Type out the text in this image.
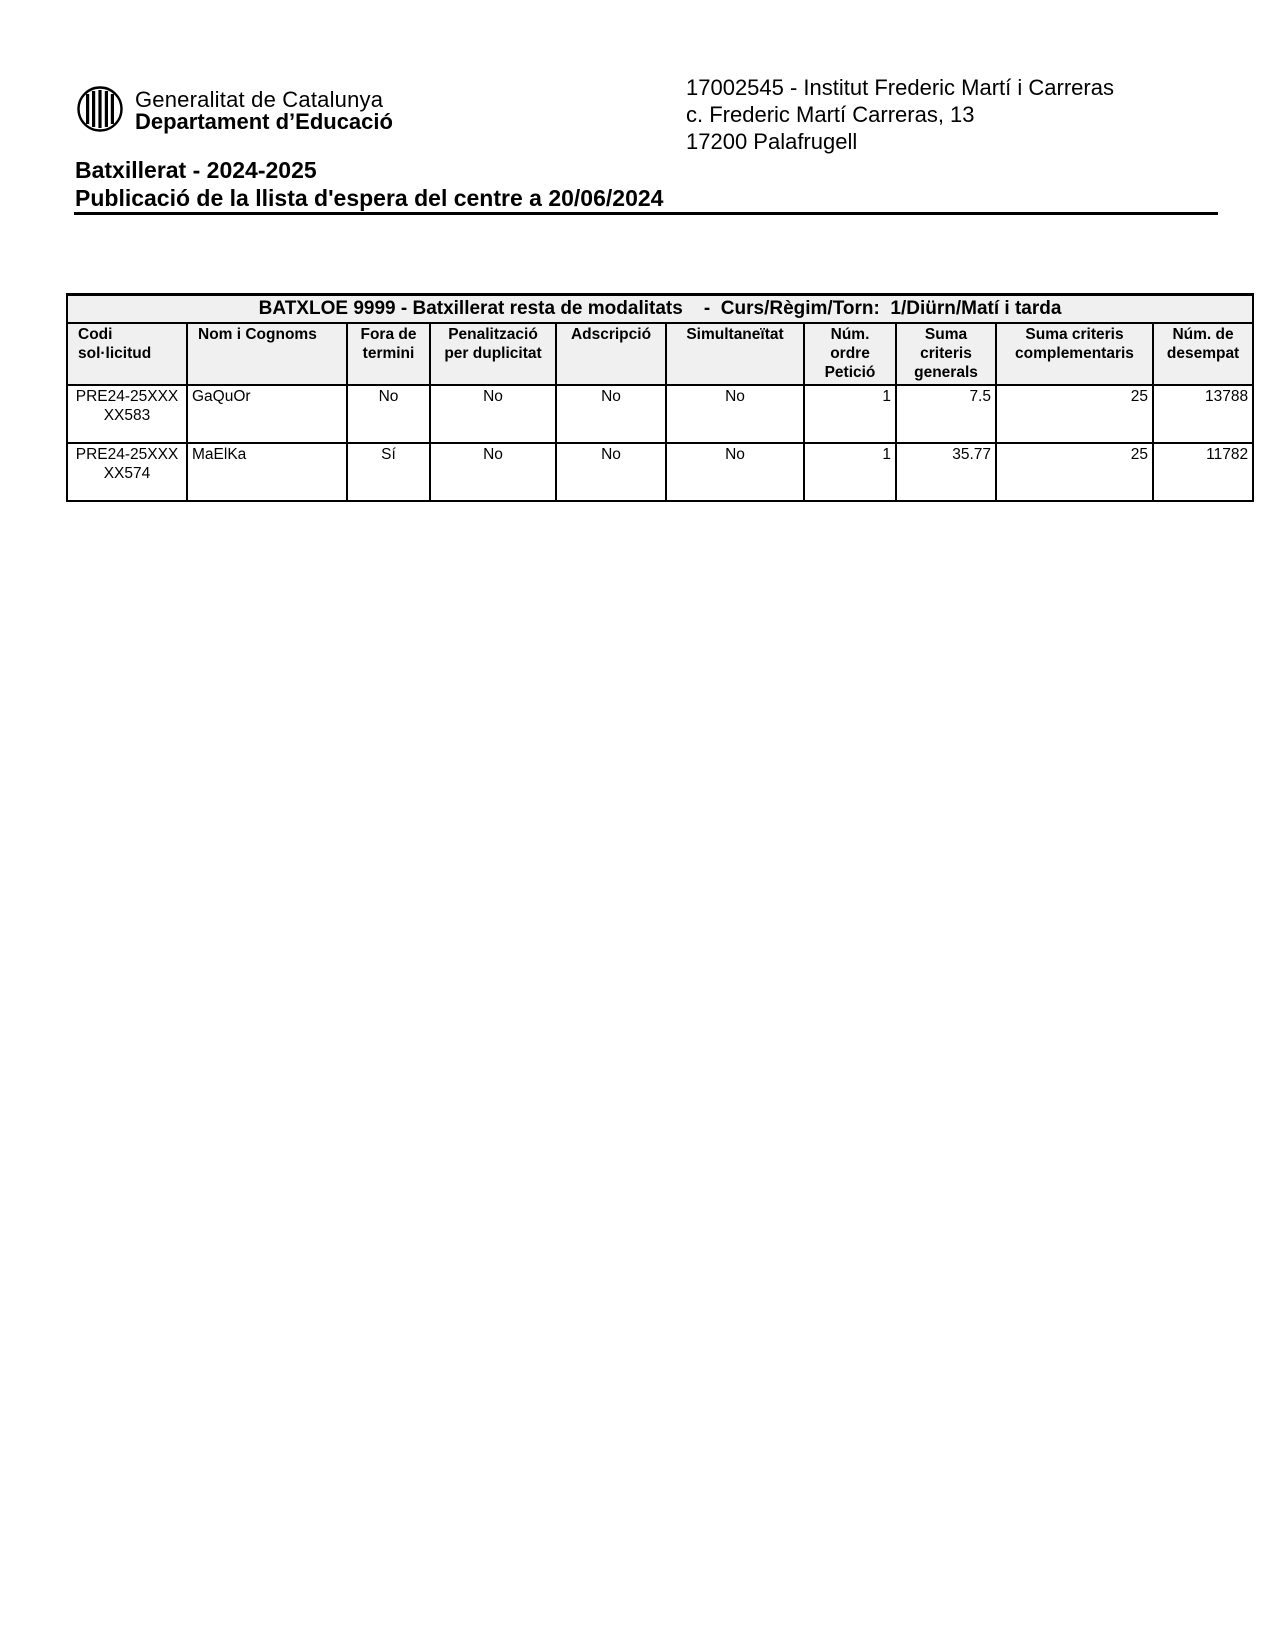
Generalitat de Catalunya
Departament d’Educació
17002545 - Institut Frederic Martí i Carreras
c. Frederic Martí Carreras, 13
17200 Palafrugell
Batxillerat - 2024-2025
Publicació de la llista d'espera del centre a 20/06/2024
BATXLOE 9999 - Batxillerat resta de modalitats    -  Curs/Règim/Torn:  1/Diürn/Matí i tarda									
Codi sol·licitud	Nom i Cognoms	Fora de termini	Penalització per duplicitat	Adscripció	Simultaneïtat	Núm. ordre Petició	Suma criteris generals	Suma criteris complementaris	Núm. de desempat
PRE24-25XXXXX583	GaQuOr	No	No	No	No	1	7.5	25	13788
PRE24-25XXXXX574	MaElKa	Sí	No	No	No	1	35.77	25	11782
